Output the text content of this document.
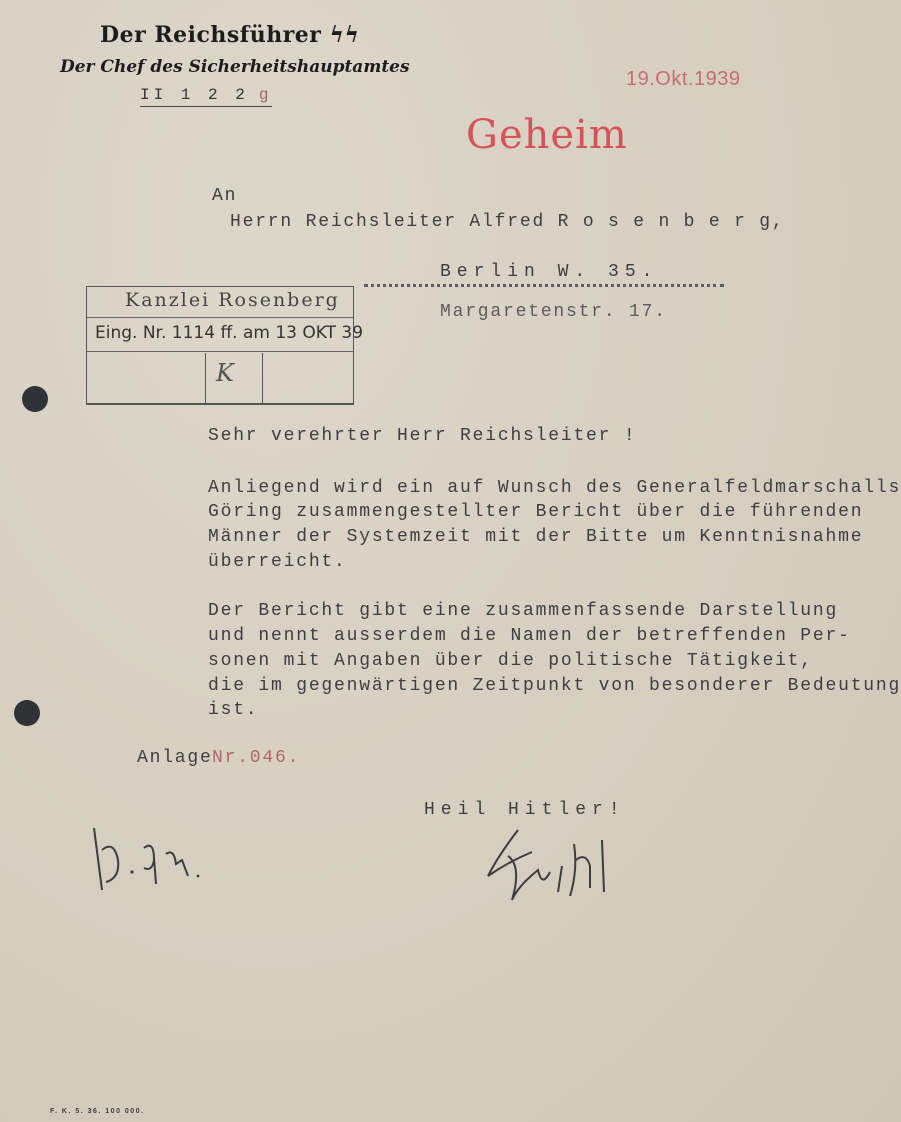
Der Reichsführer ϟϟ
Der Chef des Sicherheitshauptamtes
II 1 2 2 g
19.Okt.1939
Geheim
An
Herrn Reichsleiter Alfred R o s e n b e r g,
Berlin W. 35.
Margaretenstr. 17.
Kanzlei Rosenberg
Eing. Nr. 1114 ff. am 13 OKT 39
K
Sehr verehrter Herr Reichsleiter !
Anliegend wird ein auf Wunsch des Generalfeldmarschalls
Göring zusammengestellter Bericht über die führenden
Männer der Systemzeit mit der Bitte um Kenntnisnahme
überreicht.
Der Bericht gibt eine zusammenfassende Darstellung
und nennt ausserdem die Namen der betreffenden Per-
sonen mit Angaben über die politische Tätigkeit,
die im gegenwärtigen Zeitpunkt von besonderer Bedeutung
ist.
Anlage Nr.046.
Heil Hitler!
F. K. 5. 36. 100 000.
